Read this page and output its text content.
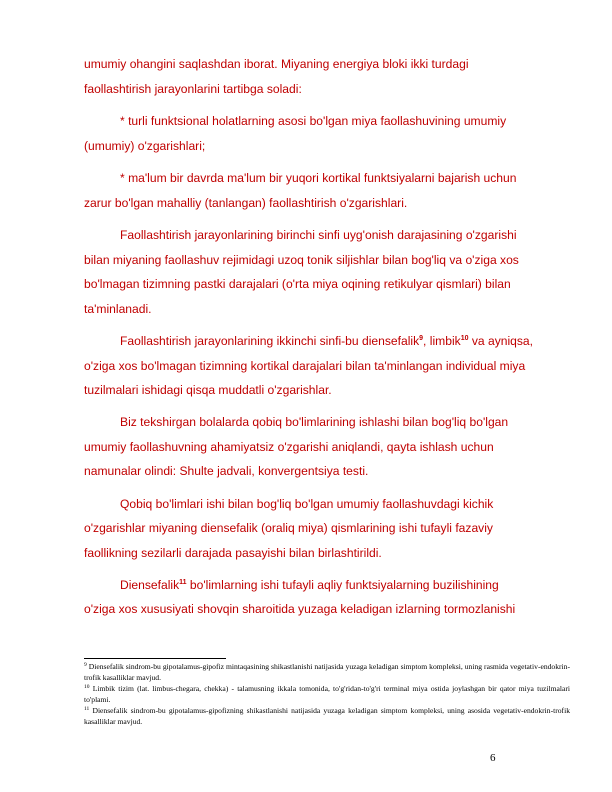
umumiy ohangini saqlashdan iborat. Miyaning energiya bloki ikki turdagi
faollashtirish jarayonlarini tartibga soladi:
* turli funktsional holatlarning asosi bo'lgan miya faollashuvining umumiy
(umumiy) o'zgarishlari;
* ma'lum bir davrda ma'lum bir yuqori kortikal funktsiyalarni bajarish uchun
zarur bo'lgan mahalliy (tanlangan) faollashtirish o'zgarishlari.
Faollashtirish jarayonlarining birinchi sinfi uyg'onish darajasining o'zgarishi
bilan miyaning faollashuv rejimidagi uzoq tonik siljishlar bilan bog'liq va o'ziga xos
bo'lmagan tizimning pastki darajalari (o'rta miya oqining retikulyar qismlari) bilan
ta'minlanadi.
Faollashtirish jarayonlarining ikkinchi sinfi-bu diensefalik$^9$, limbik$^{10}$ va ayniqsa,
o'ziga xos bo'lmagan tizimning kortikal darajalari bilan ta'minlangan individual miya
tuzilmalari ishidagi qisqa muddatli o'zgarishlar.
Biz tekshirgan bolalarda qobiq bo'limlarining ishlashi bilan bog'liq bo'lgan
umumiy faollashuvning ahamiyatsiz o'zgarishi aniqlandi, qayta ishlash uchun
namunalar olindi: Shulte jadvali, konvergentsiya testi.
Qobiq bo'limlari ishi bilan bog'liq bo'lgan umumiy faollashuvdagi kichik
o'zgarishlar miyaning diensefalik (oraliq miya) qismlarining ishi tufayli fazaviy
faollikning sezilarli darajada pasayishi bilan birlashtirildi.
Diensefalik$^{11}$ bo'limlarning ishi tufayli aqliy funktsiyalarning buzilishining
o'ziga xos xususiyati shovqin sharoitida yuzaga keladigan izlarning tormozlanishi
$^9$ Diensefalik sindrom-bu gipotalamus-gipofiz mintaqasining shikastlanishi natijasida yuzaga keladigan simptom kompleksi, uning rasmida vegetativ-endokrin-trofik kasalliklar mavjud.
$^{10}$ Limbik tizim (lat. limbus-chegara, chekka) - talamusning ikkala tomonida, to'g'ridan-to'g'ri terminal miya ostida joylashgan bir qator miya tuzilmalari to'plami.
$^{11}$ Diensefalik sindrom-bu gipotalamus-gipofizning shikastlanishi natijasida yuzaga keladigan simptom kompleksi, uning asosida vegetativ-endokrin-trofik kasalliklar mavjud.
6
